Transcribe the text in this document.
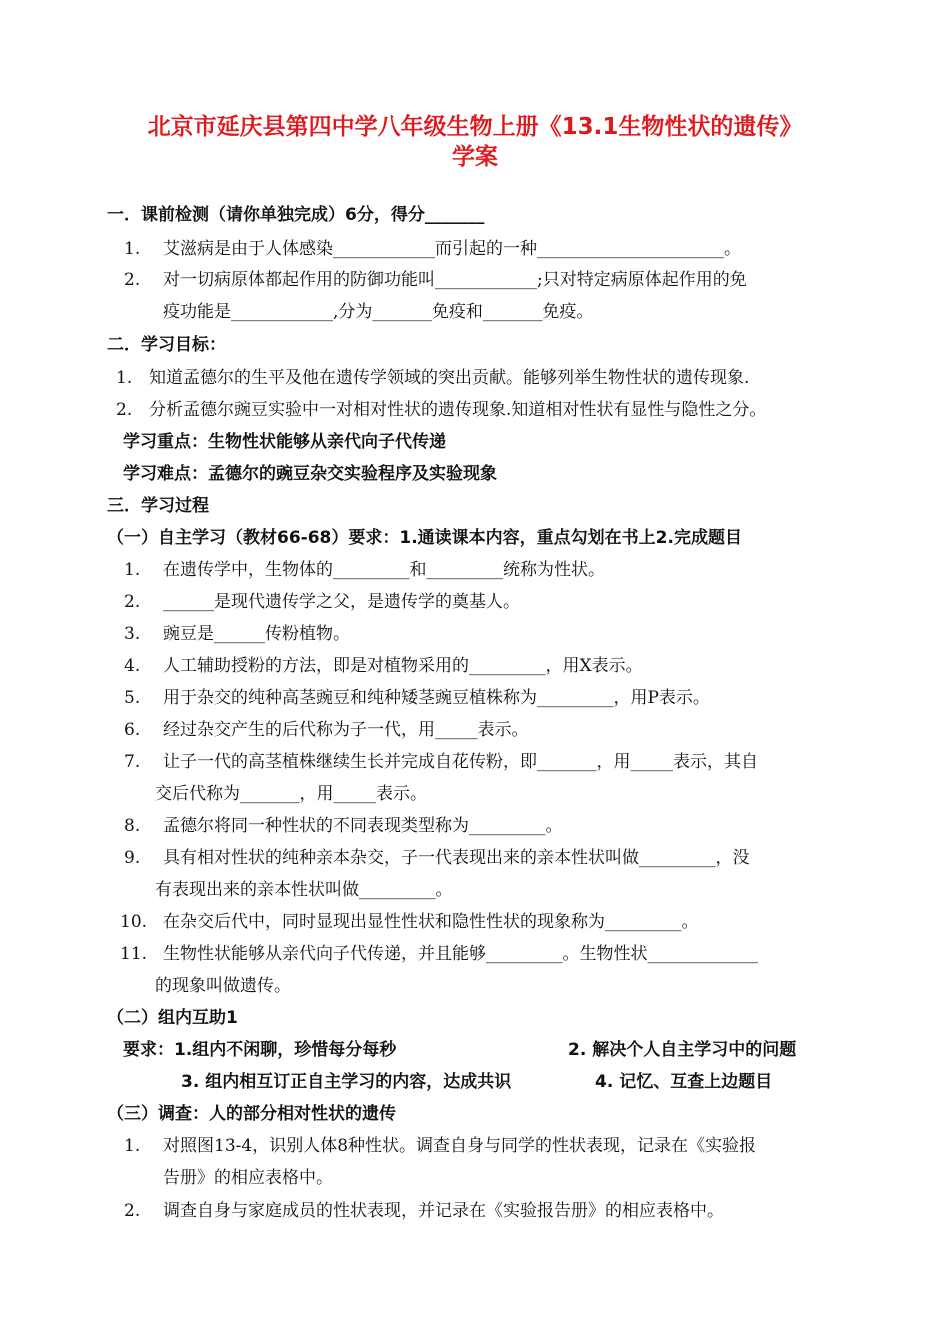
北京市延庆县第四中学八年级生物上册《13.1生物性状的遗传》
学案
一．课前检测（请你单独完成）6分，得分_______
1. 艾滋病是由于人体感染____________而引起的一种______________________。
2. 对一切病原体都起作用的防御功能叫____________;只对特定病原体起作用的免
疫功能是____________,分为_______免疫和_______免疫。
二．学习目标：
1. 知道孟德尔的生平及他在遗传学领域的突出贡献。能够列举生物性状的遗传现象.
2. 分析孟德尔豌豆实验中一对相对性状的遗传现象.知道相对性状有显性与隐性之分。
学习重点：生物性状能够从亲代向子代传递
学习难点：孟德尔的豌豆杂交实验程序及实验现象
三．学习过程
（一）自主学习（教材66-68）要求：1.通读课本内容，重点勾划在书上2.完成题目
1. 在遗传学中，生物体的_________和_________统称为性状。
2. ______是现代遗传学之父，是遗传学的奠基人。
3. 豌豆是______传粉植物。
4. 人工辅助授粉的方法，即是对植物采用的_________，用X表示。
5. 用于杂交的纯种高茎豌豆和纯种矮茎豌豆植株称为_________，用P表示。
6. 经过杂交产生的后代称为子一代，用_____表示。
7. 让子一代的高茎植株继续生长并完成自花传粉，即_______，用_____表示，其自
交后代称为_______，用_____表示。
8. 孟德尔将同一种性状的不同表现类型称为_________。
9. 具有相对性状的纯种亲本杂交，子一代表现出来的亲本性状叫做_________，没
有表现出来的亲本性状叫做_________。
10. 在杂交后代中，同时显现出显性性状和隐性性状的现象称为_________。
11. 生物性状能够从亲代向子代传递，并且能够_________。生物性状_____________
的现象叫做遗传。
（二）组内互助1
要求：1.组内不闲聊，珍惜每分每秒	2. 解决个人自主学习中的问题
3. 组内相互订正自主学习的内容，达成共识	4. 记忆、互查上边题目
（三）调查：人的部分相对性状的遗传
1. 对照图13-4，识别人体8种性状。调查自身与同学的性状表现，记录在《实验报
告册》的相应表格中。
2. 调查自身与家庭成员的性状表现，并记录在《实验报告册》的相应表格中。
